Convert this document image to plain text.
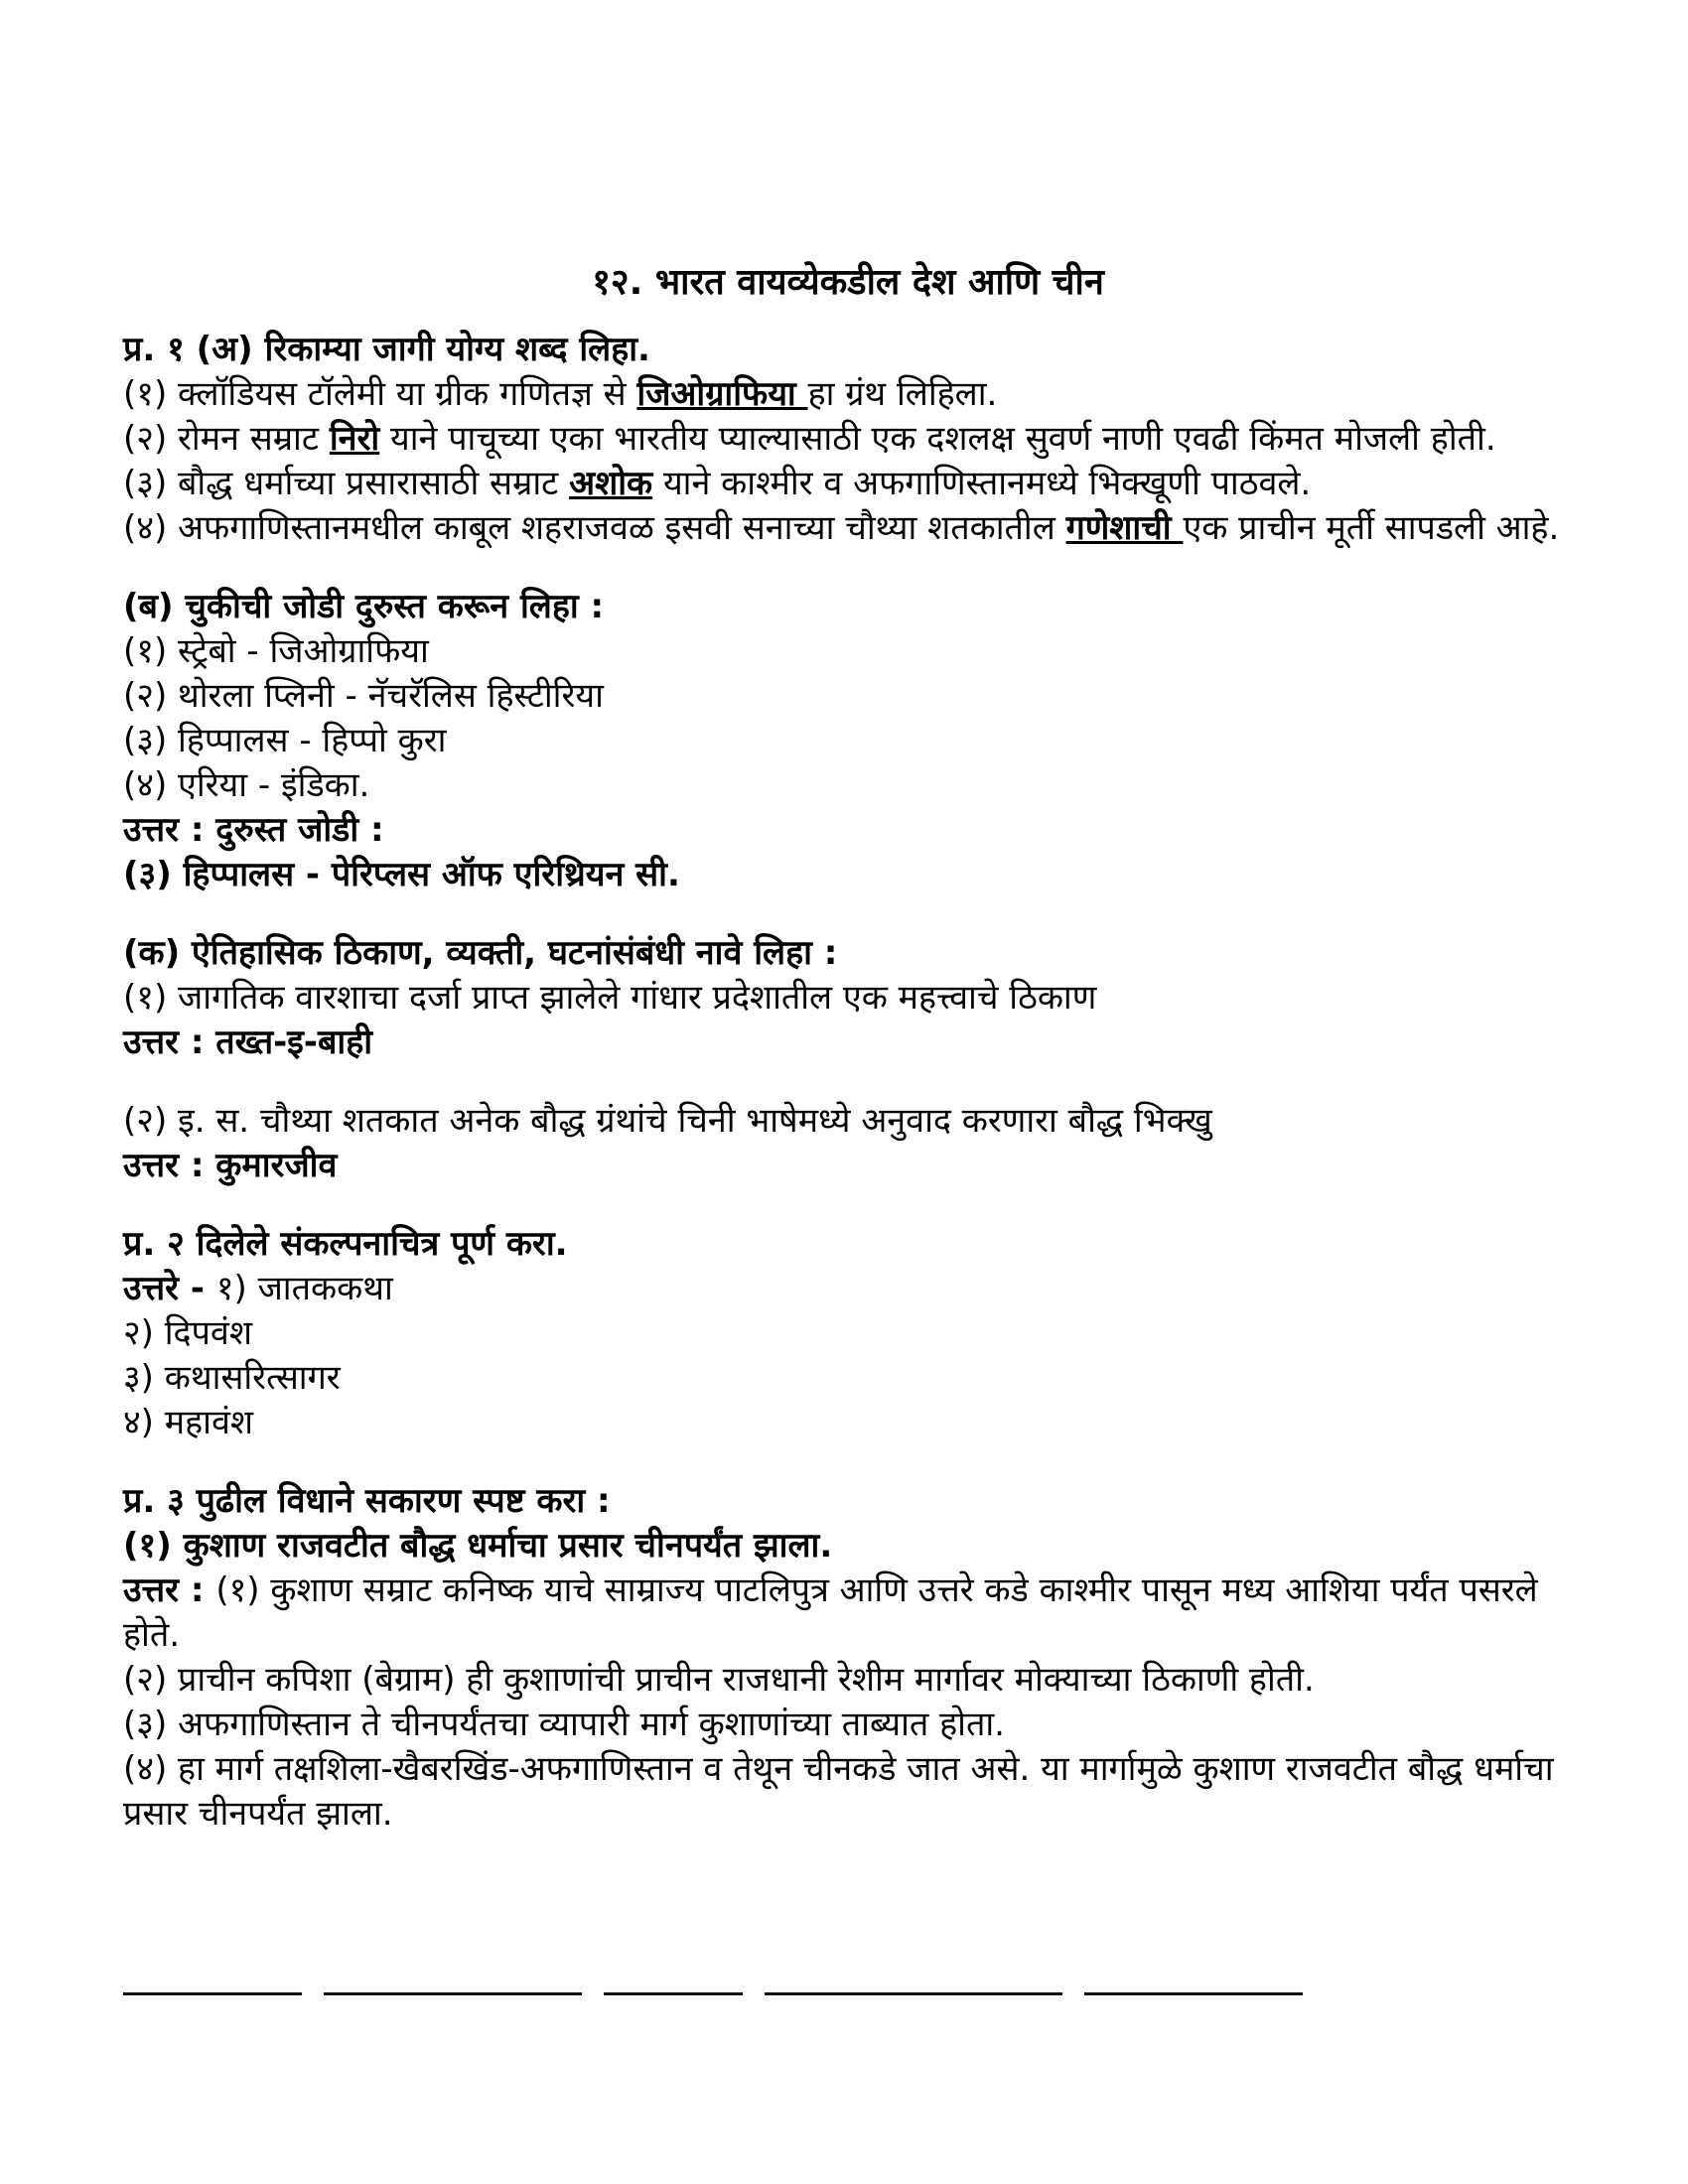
१२. भारत वायव्येकडील देश आणि चीन

प्र. १ (अ) रिकाम्या जागी योग्य शब्द लिहा.

(१) क्लॉडियस टॉलेमी या ग्रीक गणितज्ञ से जिओग्राफिया हा ग्रंथ लिहिला.

(२) रोमन सम्राट निरो याने पाचूच्या एका भारतीय प्याल्यासाठी एक दशलक्ष सुवर्ण नाणी एवढी किंमत मोजली होती.

(३) बौद्ध धर्माच्या प्रसारासाठी सम्राट अशोक याने काश्मीर व अफगाणिस्तानमध्ये भिक्खूणी पाठवले.

(४) अफगाणिस्तानमधील काबूल शहराजवळ इसवी सनाच्या चौथ्या शतकातील गणेशाची एक प्राचीन मूर्ती सापडली आहे.

(ब) चुकीची जोडी दुरुस्त करून लिहा :

(१) स्ट्रेबो - जिओग्राफिया

(२) थोरला प्लिनी - नॅचरॅलिस हिस्टीरिया

(३) हिप्पालस - हिप्पो कुरा

(४) एरिया - इंडिका.

उत्तर : दुरुस्त जोडी :

(३) हिप्पालस - पेरिप्लस ऑफ एरिथ्रियन सी.

(क) ऐतिहासिक ठिकाण, व्यक्ती, घटनांसंबंधी नावे लिहा :

(१) जागतिक वारशाचा दर्जा प्राप्त झालेले गांधार प्रदेशातील एक महत्त्वाचे ठिकाण

उत्तर : तख्त-इ-बाही

(२) इ. स. चौथ्या शतकात अनेक बौद्ध ग्रंथांचे चिनी भाषेमध्ये अनुवाद करणारा बौद्ध भिक्खु

उत्तर : कुमारजीव

प्र. २ दिलेले संकल्पनाचित्र पूर्ण करा.

उत्तरे - १) जातककथा

२) दिपवंश

३) कथासरित्सागर

४) महावंश

प्र. ३ पुढील विधाने सकारण स्पष्ट करा :

(१) कुशाण राजवटीत बौद्ध धर्माचा प्रसार चीनपर्यंत झाला.

उत्तर : (१) कुशाण सम्राट कनिष्क याचे साम्राज्य पाटलिपुत्र आणि उत्तरे कडे काश्मीर पासून मध्य आशिया पर्यंत पसरले होते.

(२) प्राचीन कपिशा (बेग्राम) ही कुशाणांची प्राचीन राजधानी रेशीम मार्गावर मोक्याच्या ठिकाणी होती.

(३) अफगाणिस्तान ते चीनपर्यंतचा व्यापारी मार्ग कुशाणांच्या ताब्यात होता.

(४) हा मार्ग तक्षशिला-खैबरखिंड-अफगाणिस्तान व तेथून चीनकडे जात असे. या मार्गामुळे कुशाण राजवटीत बौद्ध धर्माचा प्रसार चीनपर्यंत झाला.
